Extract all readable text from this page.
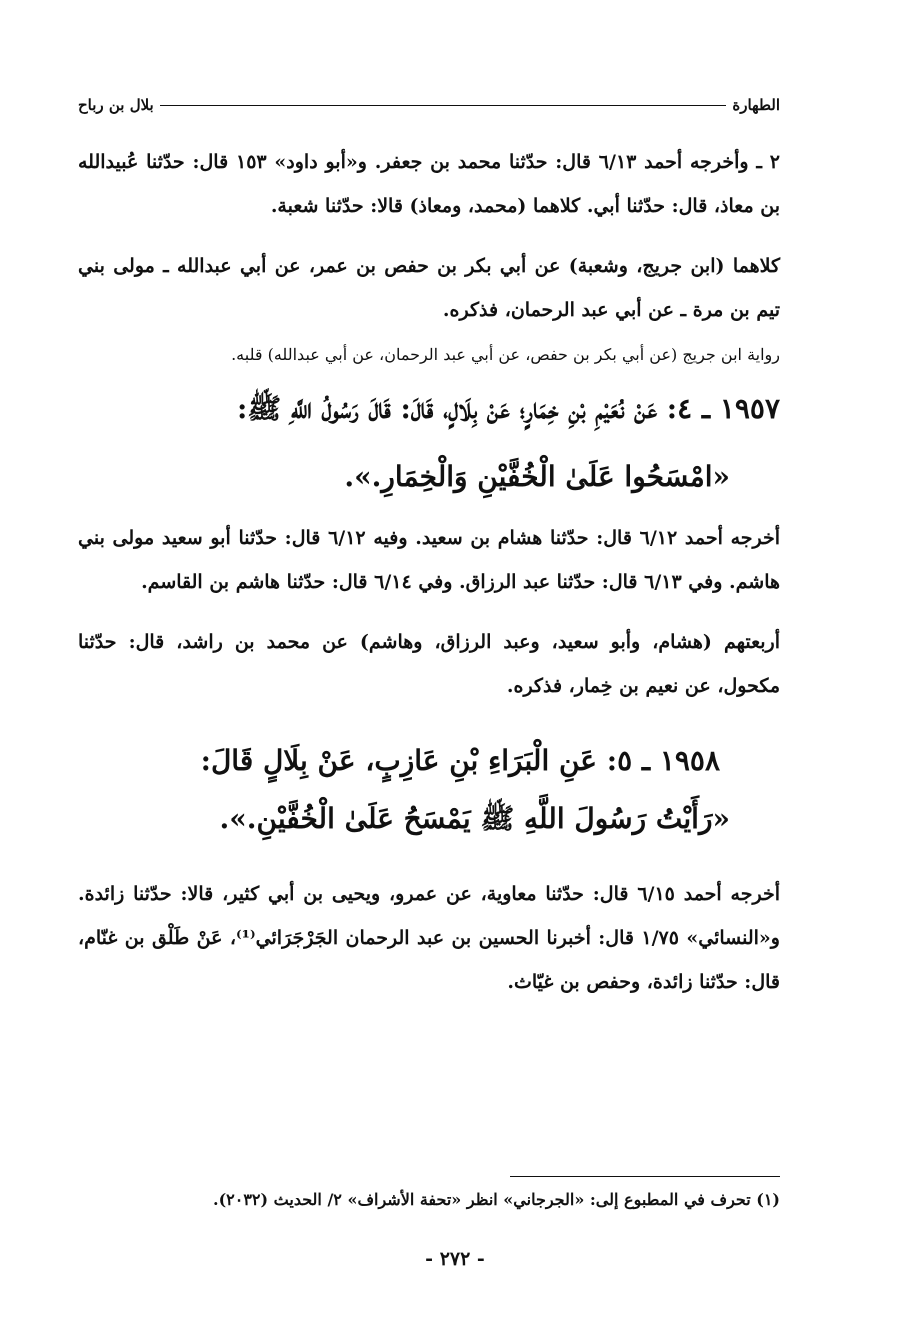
الطهارة
بلال بن رباح

٢ ـ وأخرجه أحمد ٦/١٣ قال: حدّثنا محمد بن جعفر. و«أبو داود» ١٥٣ قال: حدّثنا عُبيدالله بن معاذ، قال: حدّثنا أبي. كلاهما (محمد، ومعاذ) قالا: حدّثنا شعبة.

كلاهما (ابن جريج، وشعبة) عن أبي بكر بن حفص بن عمر، عن أبي عبدالله ـ مولى بني تيم بن مرة ـ عن أبي عبد الرحمان، فذكره.

رواية ابن جريج (عن أبي بكر بن حفص، عن أبي عبد الرحمان، عن أبي عبدالله) قلبه.

١٩٥٧ ـ ٤: عَنْ نُعَيْمِ بْنِ خِمَارٍ؛ عَنْ بِلَالٍ، قَالَ: قَالَ رَسُولُ اللَّهِ ﷺ:

«امْسَحُوا عَلَىٰ الْخُفَّيْنِ وَالْخِمَارِ.».

أخرجه أحمد ٦/١٢ قال: حدّثنا هشام بن سعيد. وفيه ٦/١٢ قال: حدّثنا أبو سعيد مولى بني هاشم. وفي ٦/١٣ قال: حدّثنا عبد الرزاق. وفي ٦/١٤ قال: حدّثنا هاشم بن القاسم.

أربعتهم (هشام، وأبو سعيد، وعبد الرزاق، وهاشم) عن محمد بن راشد، قال: حدّثنا مكحول، عن نعيم بن خِمار، فذكره.

١٩٥٨ ـ ٥: عَنِ الْبَرَاءِ بْنِ عَازِبٍ، عَنْ بِلَالٍ قَالَ:

«رَأَيْتُ رَسُولَ اللَّهِ ﷺ يَمْسَحُ عَلَىٰ الْخُفَّيْنِ.».

أخرجه أحمد ٦/١٥ قال: حدّثنا معاوية، عن عمرو، ويحيى بن أبي كثير، قالا: حدّثنا زائدة. و«النسائي» ١/٧٥ قال: أخبرنا الحسين بن عبد الرحمان الجَرْجَرَائي⁽¹⁾، عَنْ طَلْق بن غنّام، قال: حدّثنا زائدة، وحفص بن غيّاث.

(١) تحرف في المطبوع إلى: «الجرجاني» انظر «تحفة الأشراف» ٢/ الحديث (٢٠٣٢).
- ٢٧٢ -
